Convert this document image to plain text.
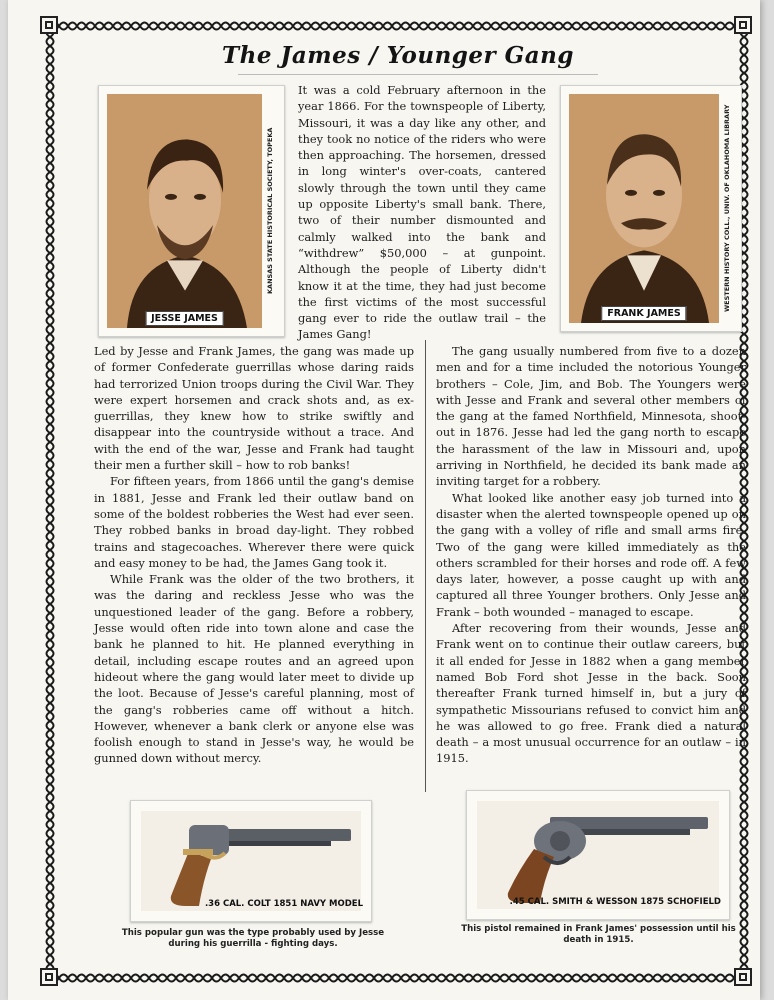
The James / Younger Gang
JESSE JAMES
KANSAS STATE HISTORICAL SOCIETY, TOPEKA
It was a cold February afternoon in the year 1866. For the townspeople of Liberty, Missouri, it was a day like any other, and they took no notice of the riders who were then approaching. The horsemen, dressed in long winter's over-coats, cantered slowly through the town until they came up opposite Liberty's small bank. There, two of their number dismounted and calmly walked into the bank and “withdrew” $50,000 – at gunpoint. Although the people of Liberty didn't know it at the time, they had just become the first victims of the most successful gang ever to ride the outlaw trail – the James Gang!
FRANK JAMES
WESTERN HISTORY COLL., UNIV. OF OKLAHOMA LIBRARY

Led by Jesse and Frank James, the gang was made up of former Confederate guerrillas whose daring raids had terrorized Union troops during the Civil War. They were expert horsemen and crack shots and, as ex-guerrillas, they knew how to strike swiftly and disappear into the countryside without a trace. And with the end of the war, Jesse and Frank had taught their men a further skill – how to rob banks!

For fifteen years, from 1866 until the gang's demise in 1881, Jesse and Frank led their outlaw band on some of the boldest robberies the West had ever seen. They robbed banks in broad day-light. They robbed trains and stagecoaches. Wherever there were quick and easy money to be had, the James Gang took it.

While Frank was the older of the two brothers, it was the daring and reckless Jesse who was the unquestioned leader of the gang. Before a robbery, Jesse would often ride into town alone and case the bank he planned to hit. He planned everything in detail, including escape routes and an agreed upon hideout where the gang would later meet to divide up the loot. Because of Jesse's careful planning, most of the gang's robberies came off without a hitch. However, whenever a bank clerk or anyone else was foolish enough to stand in Jesse's way, he would be gunned down without mercy.

The gang usually numbered from five to a dozen men and for a time included the notorious Younger brothers – Cole, Jim, and Bob. The Youngers were with Jesse and Frank and several other members of the gang at the famed Northfield, Minnesota, shoot-out in 1876. Jesse had led the gang north to escape the harassment of the law in Missouri and, upon arriving in Northfield, he decided its bank made an inviting target for a robbery.

What looked like another easy job turned into a disaster when the alerted townspeople opened up on the gang with a volley of rifle and small arms fire. Two of the gang were killed immediately as the others scrambled for their horses and rode off. A few days later, however, a posse caught up with and captured all three Younger brothers. Only Jesse and Frank – both wounded – managed to escape.

After recovering from their wounds, Jesse and Frank went on to continue their outlaw careers, but it all ended for Jesse in 1882 when a gang member named Bob Ford shot Jesse in the back. Soon thereafter Frank turned himself in, but a jury of sympathetic Missourians refused to convict him and he was allowed to go free. Frank died a natural death – a most unusual occurrence for an outlaw – in 1915.

.36 CAL. COLT 1851 NAVY MODEL
This popular gun was the type probably used by Jesse during his guerrilla - fighting days.
.45 CAL. SMITH & WESSON 1875 SCHOFIELD
This pistol remained in Frank James' possession until his death in 1915.
